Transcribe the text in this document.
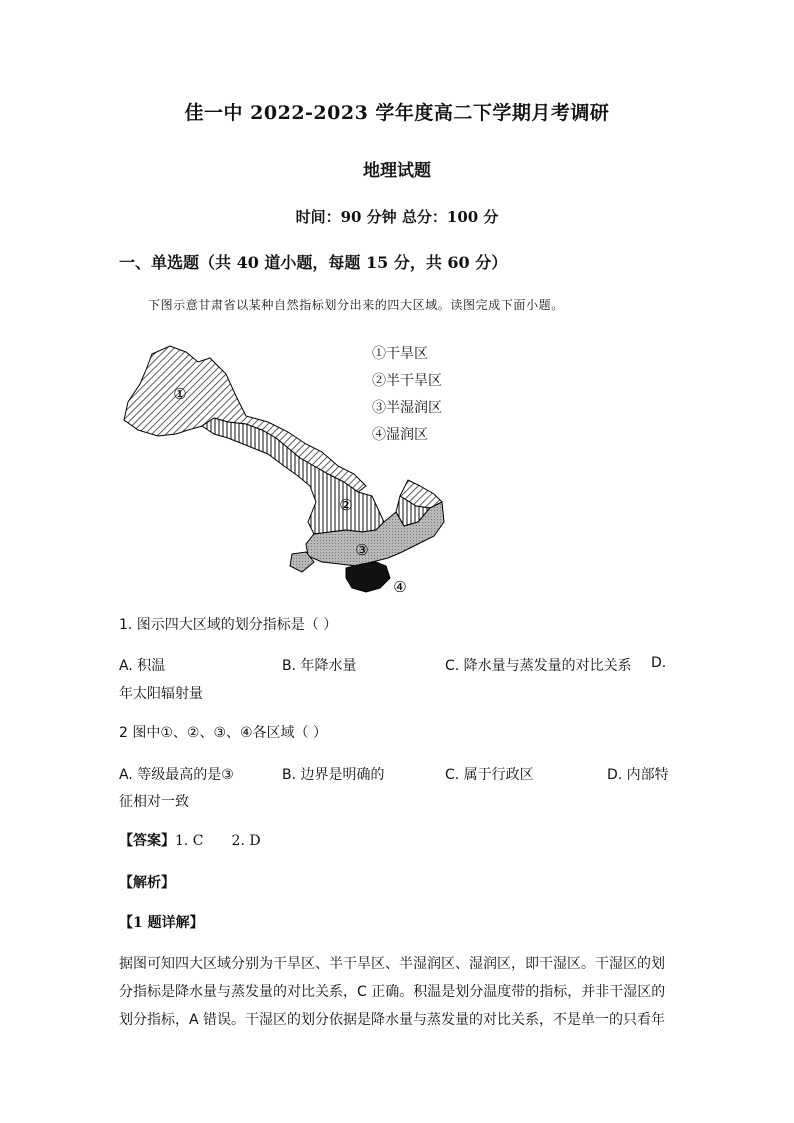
佳一中 2022-2023 学年度高二下学期月考调研
地理试题
时间：90 分钟 总分：100 分
一、单选题（共 40 道小题，每题 15 分，共 60 分）
下图示意甘肃省以某种自然指标划分出来的四大区域。读图完成下面小题。
①
②
③
④
①干旱区
②半干旱区
③半湿润区
④湿润区
1. 图示四大区域的划分指标是（ ）
A. 积温	B. 年降水量	C. 降水量与蒸发量的对比关系 D.
年太阳辐射量
2 图中①、②、③、④各区域（ ）
A. 等级最高的是③	B. 边界是明确的	C. 属于行政区	D. 内部特
征相对一致
【答案】1. C 2. D
【解析】
【1 题详解】
据图可知四大区域分别为干旱区、半干旱区、半湿润区、湿润区，即干湿区。干湿区的划
分指标是降水量与蒸发量的对比关系，C 正确。积温是划分温度带的指标，并非干湿区的
划分指标，A 错误。干湿区的划分依据是降水量与蒸发量的对比关系，不是单一的只看年
